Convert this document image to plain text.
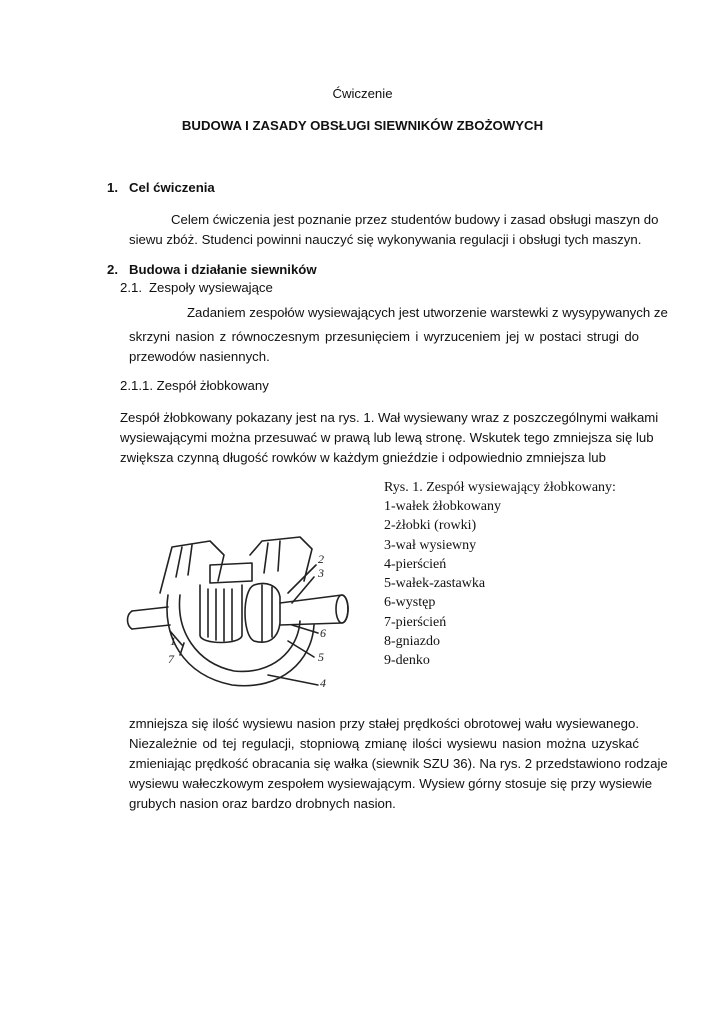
Ćwiczenie
BUDOWA I ZASADY OBSŁUGI SIEWNIKÓW ZBOŻOWYCH
1. Cel ćwiczenia
Celem ćwiczenia jest poznanie przez studentów budowy i zasad obsługi maszyn do
siewu zbóż. Studenci powinni nauczyć się wykonywania regulacji i obsługi tych maszyn.
2. Budowa i działanie siewników
2.1. Zespoły wysiewające
Zadaniem zespołów wysiewających jest utworzenie warstewki z wysypywanych ze
skrzyni nasion z równoczesnym przesunięciem i wyrzuceniem jej w postaci strugi do
przewodów nasiennych.
2.1.1. Zespół żłobkowany
Zespół żłobkowany pokazany jest na rys. 1. Wał wysiewany wraz z poszczególnymi wałkami
wysiewającymi można przesuwać w prawą lub lewą stronę. Wskutek tego zmniejsza się lub
zwiększa czynną długość rowków w każdym gnieździe i odpowiednio zmniejsza lub
1
2
3
4
5
6
7
Rys. 1. Zespół wysiewający żłobkowany:
1-wałek żłobkowany
2-żłobki (rowki)
3-wał wysiewny
4-pierścień
5-wałek-zastawka
6-występ
7-pierścień
8-gniazdo
9-denko
zmniejsza się ilość wysiewu nasion przy stałej prędkości obrotowej wału wysiewanego.
Niezależnie od tej regulacji, stopniową zmianę ilości wysiewu nasion można uzyskać
zmieniając prędkość obracania się wałka (siewnik SZU 36). Na rys. 2 przedstawiono rodzaje
wysiewu wałeczkowym zespołem wysiewającym. Wysiew górny stosuje się przy wysiewie
grubych nasion oraz bardzo drobnych nasion.
